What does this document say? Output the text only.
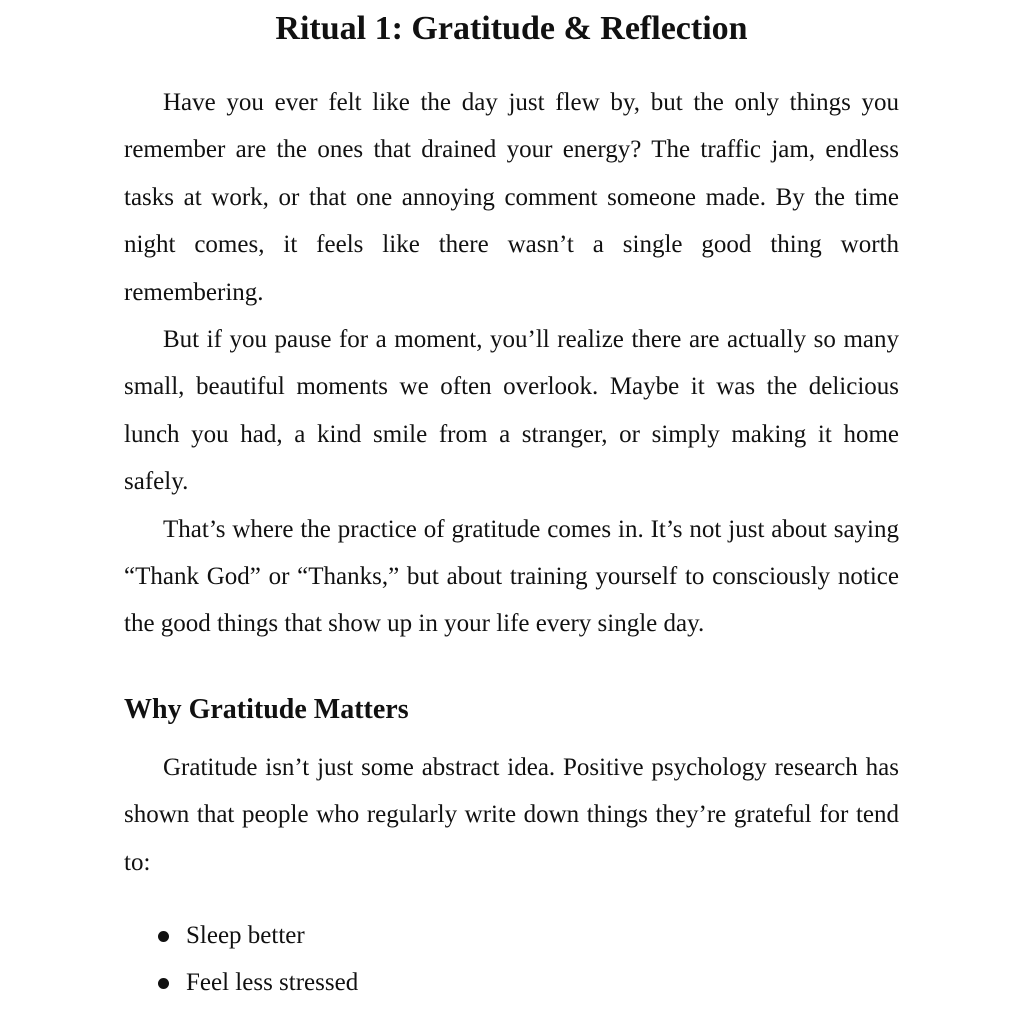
Ritual 1: Gratitude & Reflection

Have you ever felt like the day just flew by, but the only things you remember are the ones that drained your energy? The traffic jam, endless tasks at work, or that one annoying comment someone made. By the time night comes, it feels like there wasn’t a single good thing worth remembering.

But if you pause for a moment, you’ll realize there are actually so many small, beautiful moments we often overlook. Maybe it was the delicious lunch you had, a kind smile from a stranger, or simply making it home safely.

That’s where the practice of gratitude comes in. It’s not just about saying “Thank God” or “Thanks,” but about training yourself to consciously notice the good things that show up in your life every single day.

Why Gratitude Matters

Gratitude isn’t just some abstract idea. Positive psychology research has shown that people who regularly write down things they’re grateful for tend to:

Sleep better
Feel less stressed
